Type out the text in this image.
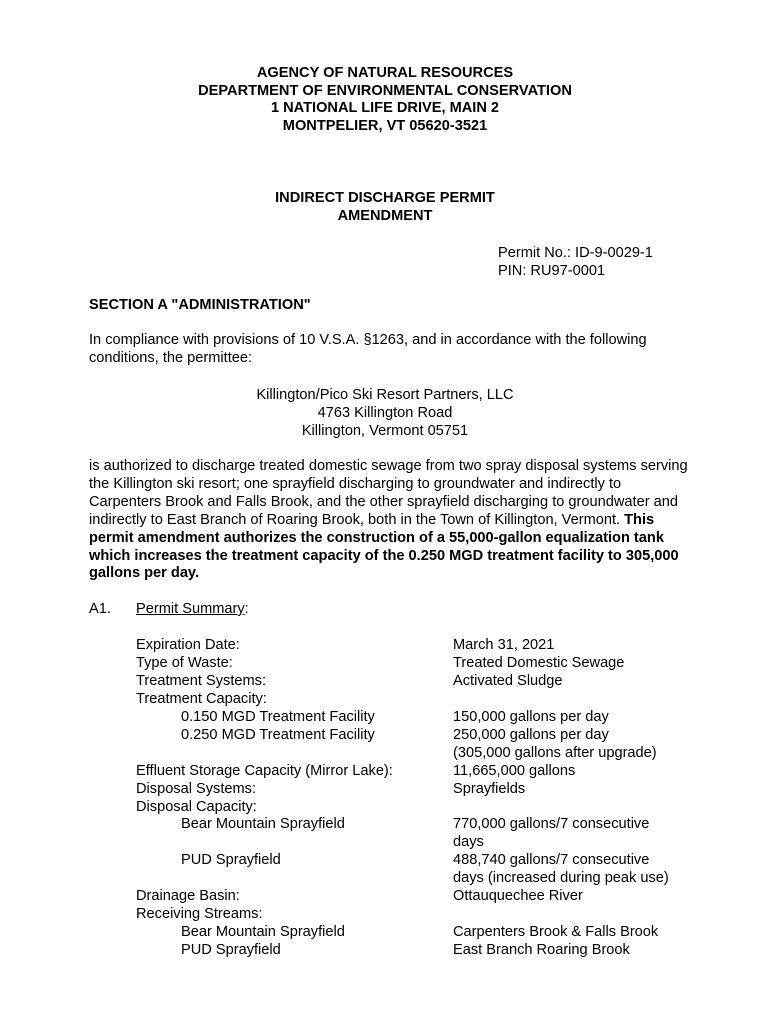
AGENCY OF NATURAL RESOURCES
DEPARTMENT OF ENVIRONMENTAL CONSERVATION
1 NATIONAL LIFE DRIVE, MAIN 2
MONTPELIER, VT 05620-3521
INDIRECT DISCHARGE PERMIT
AMENDMENT
Permit No.: ID-9-0029-1
PIN: RU97-0001
SECTION A "ADMINISTRATION"
In compliance with provisions of 10 V.S.A. §1263, and in accordance with the following conditions, the permittee:
Killington/Pico Ski Resort Partners, LLC
4763 Killington Road
Killington, Vermont 05751
is authorized to discharge treated domestic sewage from two spray disposal systems serving the Killington ski resort; one sprayfield discharging to groundwater and indirectly to Carpenters Brook and Falls Brook, and the other sprayfield discharging to groundwater and indirectly to East Branch of Roaring Brook, both in the Town of Killington, Vermont. This permit amendment authorizes the construction of a 55,000-gallon equalization tank which increases the treatment capacity of the 0.250 MGD treatment facility to 305,000 gallons per day.
A1. Permit Summary:
Expiration Date:
Type of Waste:
Treatment Systems:
Treatment Capacity:
0.150 MGD Treatment Facility
0.250 MGD Treatment Facility
Effluent Storage Capacity (Mirror Lake):
Disposal Systems:
Disposal Capacity:
Bear Mountain Sprayfield
PUD Sprayfield
Drainage Basin:
Receiving Streams:
Bear Mountain Sprayfield
PUD Sprayfield
March 31, 2021
Treated Domestic Sewage
Activated Sludge
150,000 gallons per day
250,000 gallons per day
(305,000 gallons after upgrade)
11,665,000 gallons
Sprayfields
770,000 gallons/7 consecutive
days
488,740 gallons/7 consecutive
days (increased during peak use)
Ottauquechee River
Carpenters Brook & Falls Brook
East Branch Roaring Brook
